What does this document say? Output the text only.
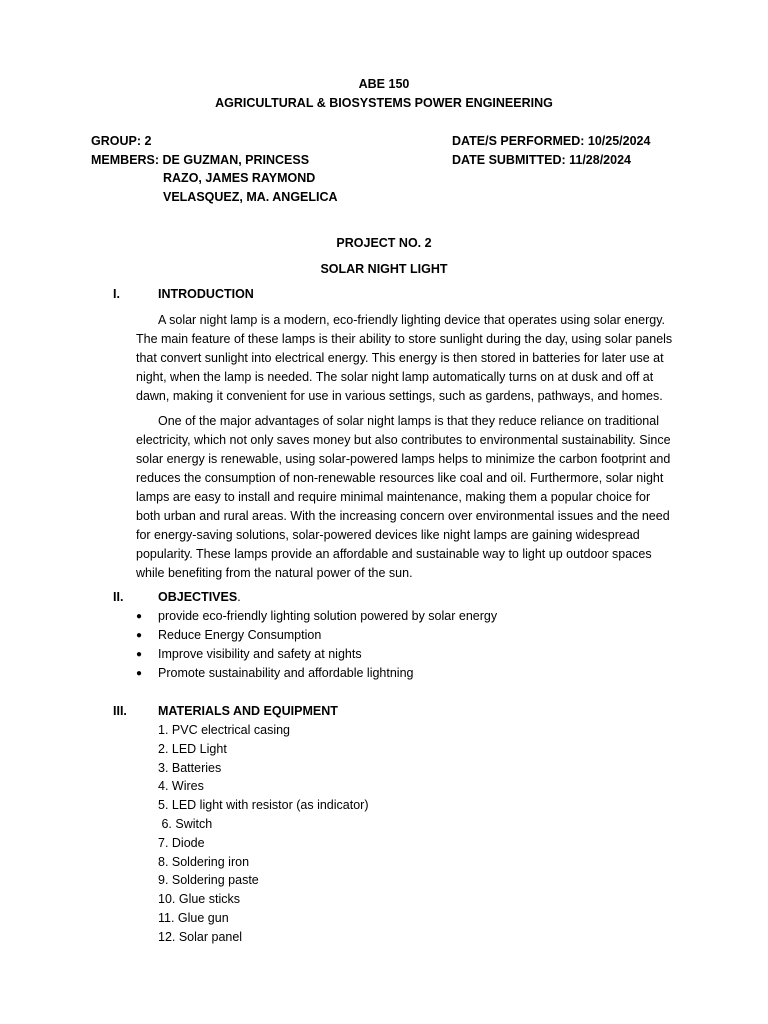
ABE 150
AGRICULTURAL & BIOSYSTEMS POWER ENGINEERING
GROUP: 2
MEMBERS: DE GUZMAN, PRINCESS
RAZO, JAMES RAYMOND
VELASQUEZ, MA. ANGELICA
DATE/S PERFORMED: 10/25/2024
DATE SUBMITTED: 11/28/2024
PROJECT NO. 2
SOLAR NIGHT LIGHT
I.	INTRODUCTION
A solar night lamp is a modern, eco-friendly lighting device that operates using solar energy. The main feature of these lamps is their ability to store sunlight during the day, using solar panels that convert sunlight into electrical energy. This energy is then stored in batteries for later use at night, when the lamp is needed. The solar night lamp automatically turns on at dusk and off at dawn, making it convenient for use in various settings, such as gardens, pathways, and homes.
One of the major advantages of solar night lamps is that they reduce reliance on traditional electricity, which not only saves money but also contributes to environmental sustainability. Since solar energy is renewable, using solar-powered lamps helps to minimize the carbon footprint and reduces the consumption of non-renewable resources like coal and oil. Furthermore, solar night lamps are easy to install and require minimal maintenance, making them a popular choice for both urban and rural areas. With the increasing concern over environmental issues and the need for energy-saving solutions, solar-powered devices like night lamps are gaining widespread popularity. These lamps provide an affordable and sustainable way to light up outdoor spaces while benefiting from the natural power of the sun.
II.	OBJECTIVES.
● provide eco-friendly lighting solution powered by solar energy
● Reduce Energy Consumption
● Improve visibility and safety at nights
● Promote sustainability and affordable lightning
III. MATERIALS AND EQUIPMENT
1. PVC electrical casing
2. LED Light
3. Batteries
4. Wires
5. LED light with resistor (as indicator)
6. Switch
7. Diode
8. Soldering iron
9. Soldering paste
10. Glue sticks
11. Glue gun
12. Solar panel
